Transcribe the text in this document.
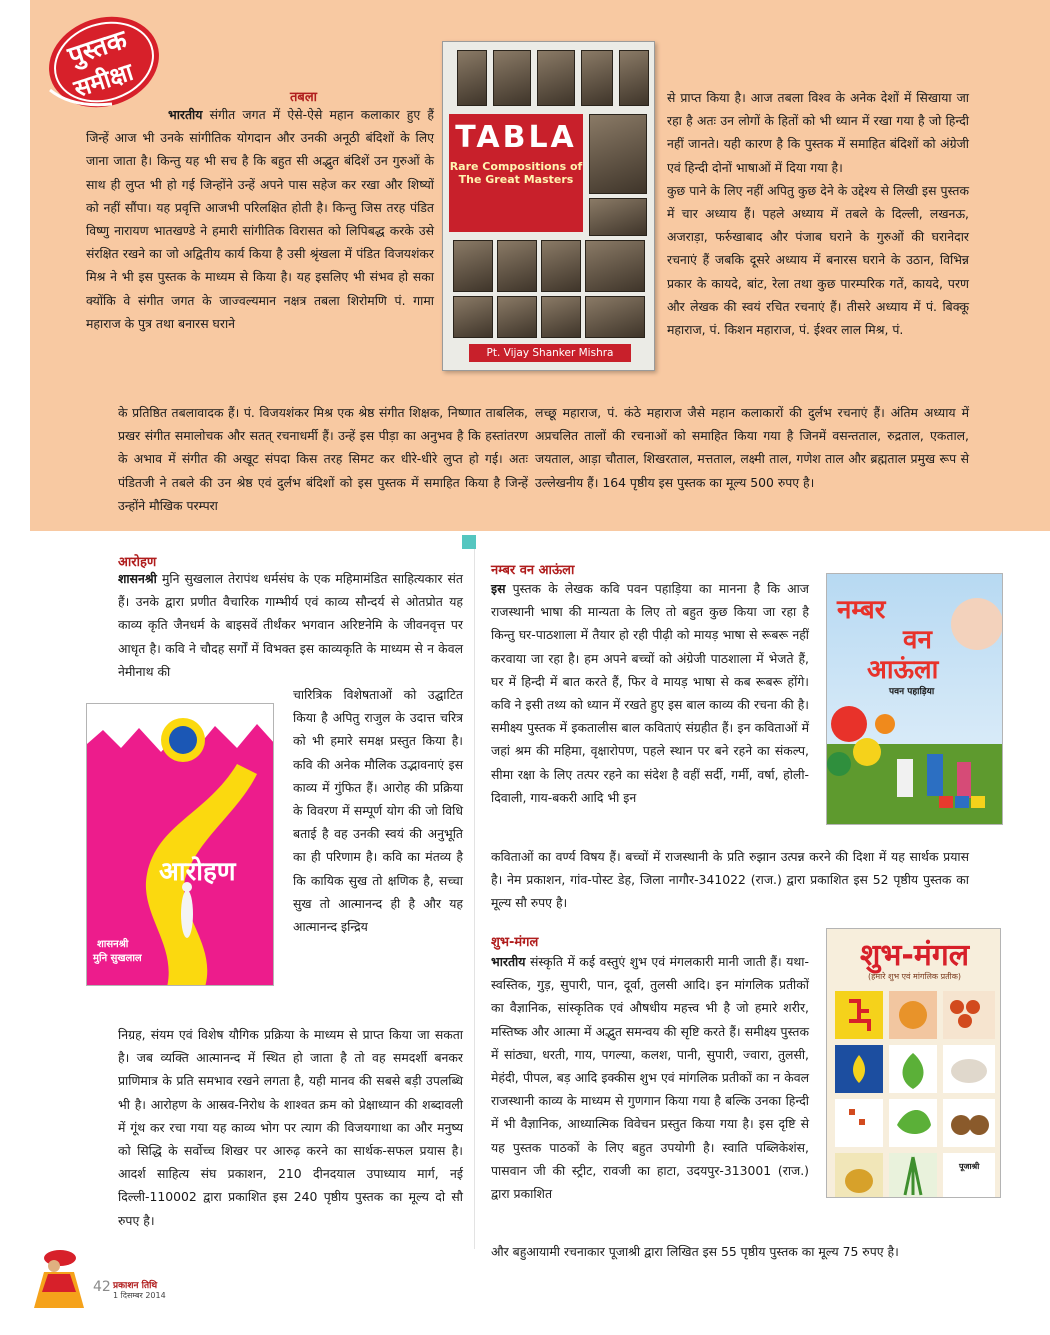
पुस्तक
समीक्षा	तबला
भारतीय संगीत जगत में ऐसे-ऐसे महान कलाकार हुए हैं जिन्हें आज भी उनके सांगीतिक योगदान और उनकी अनूठी बंदिशों के लिए जाना जाता है। किन्तु यह भी सच है कि बहुत सी अद्भुत बंदिशें उन गुरुओं के साथ ही लुप्त भी हो गई जिन्होंने उन्हें अपने पास सहेज कर रखा और शिष्यों को नहीं सौंपा। यह प्रवृत्ति आजभी परिलक्षित होती है। किन्तु जिस तरह पंडित विष्णु नारायण भातखण्डे ने हमारी सांगीतिक विरासत को लिपिबद्ध करके उसे संरक्षित रखने का जो अद्वितीय कार्य किया है उसी श्रृंखला में पंडित विजयशंकर मिश्र ने भी इस पुस्तक के माध्यम से किया है। यह इसलिए भी संभव हो सका क्योंकि वे संगीत जगत के जाज्वल्यमान नक्षत्र तबला शिरोमणि पं. गामा महाराज के पुत्र तथा बनारस घराने
के प्रतिष्ठित तबलावादक हैं। पं. विजयशंकर मिश्र एक श्रेष्ठ संगीत शिक्षक, निष्णात ताबलिक, प्रखर संगीत समालोचक और सतत् रचनाधर्मी हैं। उन्हें इस पीड़ा का अनुभव है कि हस्तांतरण के अभाव में संगीत की अखूट संपदा किस तरह सिमट कर धीरे-धीरे लुप्त हो गई। अतः पंडितजी ने तबले की उन श्रेष्ठ एवं दुर्लभ बंदिशों को इस पुस्तक में समाहित किया है जिन्हें उन्होंने मौखिक परम्परा
से प्राप्त किया है। आज तबला विश्व के अनेक देशों में सिखाया जा रहा है अतः उन लोगों के हितों को भी ध्यान में रखा गया है जो हिन्दी नहीं जानते। यही कारण है कि पुस्तक में समाहित बंदिशों को अंग्रेजी एवं हिन्दी दोनों भाषाओं में दिया गया है।
कुछ पाने के लिए नहीं अपितु कुछ देने के उद्देश्य से लिखी इस पुस्तक में चार अध्याय हैं। पहले अध्याय में तबले के दिल्ली, लखनऊ, अजराड़ा, फर्रुखाबाद और पंजाब घराने के गुरुओं की घरानेदार रचनाएं हैं जबकि दूसरे अध्याय में बनारस घराने के उठान, विभिन्न प्रकार के कायदे, बांट, रेला तथा कुछ पारम्परिक गतें, कायदे, परण और लेखक की स्वयं रचित रचनाएं हैं। तीसरे अध्याय में पं. बिक्कू महाराज, पं. किशन महाराज, पं. ईश्वर लाल मिश्र, पं.
लच्छू महाराज, पं. कंठे महाराज जैसे महान कलाकारों की दुर्लभ रचनाएं हैं। अंतिम अध्याय में अप्रचलित तालों की रचनाओं को समाहित किया गया है जिनमें वसन्तताल, रुद्रताल, एकताल, जयताल, आड़ा चौताल, शिखरताल, मत्तताल, लक्ष्मी ताल, गणेश ताल और ब्रह्मताल प्रमुख रूप से उल्लेखनीय हैं। 164 पृष्ठीय इस पुस्तक का मूल्य 500 रुपए है।
TABLA
Rare Compositions of The Great Masters
Pt. Vijay Shanker Mishra
आरोहण
शासनश्री मुनि सुखलाल तेरापंथ धर्मसंघ के एक महिमामंडित साहित्यकार संत हैं। उनके द्वारा प्रणीत वैचारिक गाम्भीर्य एवं काव्य सौन्दर्य से ओतप्रोत यह काव्य कृति जैनधर्म के बाइसवें तीर्थंकर भगवान अरिष्टनेमि के जीवनवृत्त पर आधृत है। कवि ने चौदह सर्गों में विभक्त इस काव्यकृति के माध्यम से न केवल नेमीनाथ की
चारित्रिक विशेषताओं को उद्घाटित किया है अपितु राजुल के उदात्त चरित्र को भी हमारे समक्ष प्रस्तुत किया है। कवि की अनेक मौलिक उद्भावनाएं इस काव्य में गुंफित हैं। आरोह की प्रक्रिया के विवरण में सम्पूर्ण योग की जो विधि बताई है वह उनकी स्वयं की अनुभूति का ही परिणाम है। कवि का मंतव्य है कि कायिक सुख तो क्षणिक है, सच्चा सुख तो आत्मानन्द ही है और यह आत्मानन्द इन्द्रिय
निग्रह, संयम एवं विशेष यौगिक प्रक्रिया के माध्यम से प्राप्त किया जा सकता है। जब व्यक्ति आत्मानन्द में स्थित हो जाता है तो वह समदर्शी बनकर प्राणिमात्र के प्रति समभाव रखने लगता है, यही मानव की सबसे बड़ी उपलब्धि भी है। आरोहण के आस्रव-निरोध के शाश्वत क्रम को प्रेक्षाध्यान की शब्दावली में गूंथ कर रचा गया यह काव्य भोग पर त्याग की विजयगाथा का और मनुष्य को सिद्धि के सर्वोच्च शिखर पर आरुढ़ करने का सार्थक-सफल प्रयास है। आदर्श साहित्य संघ प्रकाशन, 210 दीनदयाल उपाध्याय मार्ग, नई दिल्ली-110002 द्वारा प्रकाशित इस 240 पृष्ठीय पुस्तक का मूल्य दो सौ रुपए है।
आरोहण
शासनश्री
मुनि सुखलाल
नम्बर वन आऊंला
इस पुस्तक के लेखक कवि पवन पहाड़िया का मानना है कि आज राजस्थानी भाषा की मान्यता के लिए तो बहुत कुछ किया जा रहा है किन्तु घर-पाठशाला में तैयार हो रही पीढ़ी को मायड़ भाषा से रूबरू नहीं करवाया जा रहा है। हम अपने बच्चों को अंग्रेजी पाठशाला में भेजते हैं, घर में हिन्दी में बात करते हैं, फिर वे मायड़ भाषा से कब रूबरू होंगे। कवि ने इसी तथ्य को ध्यान में रखते हुए इस बाल काव्य की रचना की है। समीक्ष्य पुस्तक में इकतालीस बाल कविताएं संग्रहीत हैं। इन कविताओं में जहां श्रम की महिमा, वृक्षारोपण, पहले स्थान पर बने रहने का संकल्प, सीमा रक्षा के लिए तत्पर रहने का संदेश है वहीं सर्दी, गर्मी, वर्षा, होली-दिवाली, गाय-बकरी आदि भी इन
कविताओं का वर्ण्य विषय हैं। बच्चों में राजस्थानी के प्रति रुझान उत्पन्न करने की दिशा में यह सार्थक प्रयास है। नेम प्रकाशन, गांव-पोस्ट डेह, जिला नागौर-341022 (राज.) द्वारा प्रकाशित इस 52 पृष्ठीय पुस्तक का मूल्य सौ रुपए है।
नम्बर
वन
आऊंला
पवन पहाड़िया
शुभ-मंगल
भारतीय संस्कृति में कई वस्तुएं शुभ एवं मंगलकारी मानी जाती हैं। यथा-स्वस्तिक, गुड़, सुपारी, पान, दूर्वा, तुलसी आदि। इन मांगलिक प्रतीकों का वैज्ञानिक, सांस्कृतिक एवं औषधीय महत्त्व भी है जो हमारे शरीर, मस्तिष्क और आत्मा में अद्भुत समन्वय की सृष्टि करते हैं। समीक्ष्य पुस्तक में सांठ्या, धरती, गाय, पगल्या, कलश, पानी, सुपारी, ज्वारा, तुलसी, मेहंदी, पीपल, बड़ आदि इक्कीस शुभ एवं मांगलिक प्रतीकों का न केवल राजस्थानी काव्य के माध्यम से गुणगान किया गया है बल्कि उनका हिन्दी में भी वैज्ञानिक, आध्यात्मिक विवेचन प्रस्तुत किया गया है। इस दृष्टि से यह पुस्तक पाठकों के लिए बहुत उपयोगी है। स्वाति पब्लिकेशंस, पासवान जी की स्ट्रीट, रावजी का हाटा, उदयपुर-313001 (राज.) द्वारा प्रकाशित
और बहुआयामी रचनाकार पूजाश्री द्वारा लिखित इस 55 पृष्ठीय पुस्तक का मूल्य 75 रुपए है।
शुभ-मंगल
(हमारे शुभ एवं मांगलिक प्रतीक)
पूजाश्री
42 प्रकाशन तिथि
1 दिसम्बर 2014
